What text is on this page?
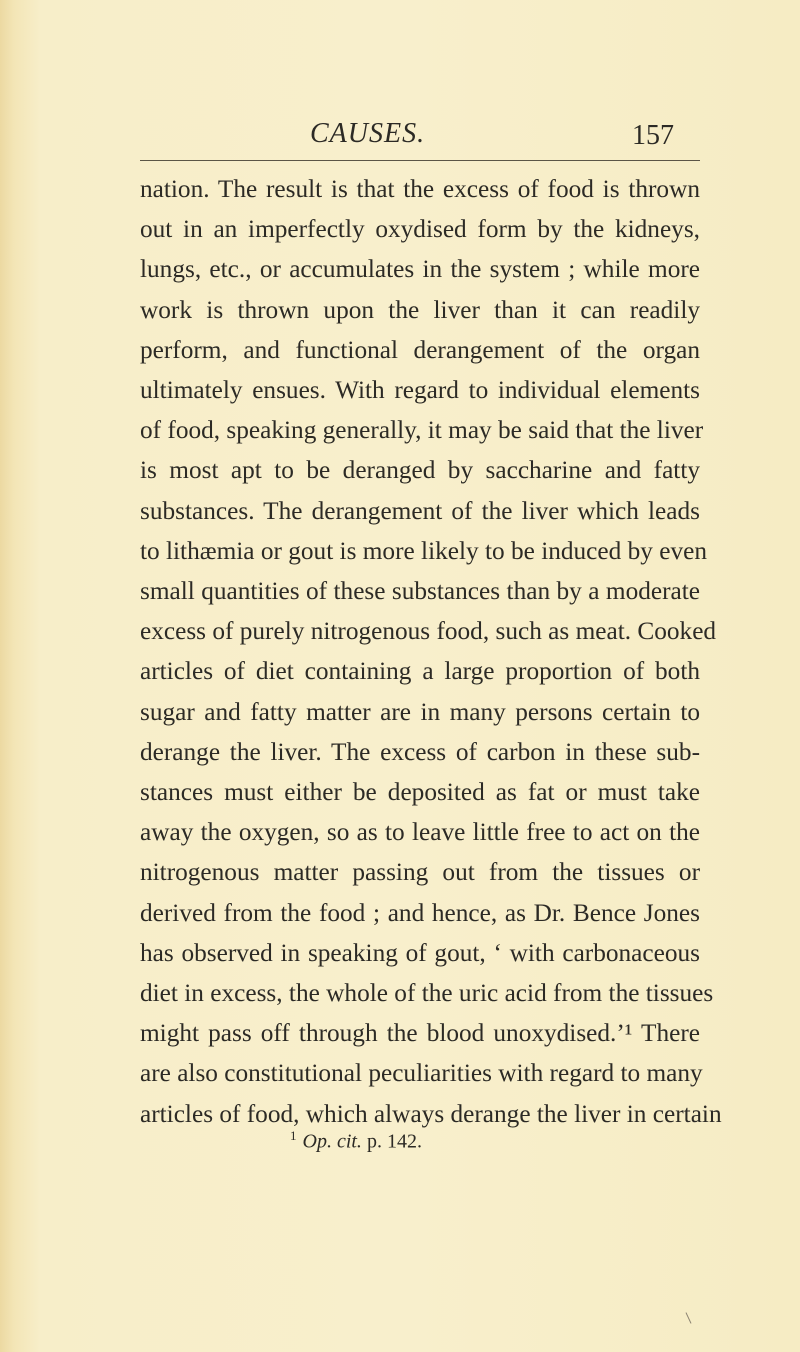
CAUSES.	157
nation. The result is that the excess of food is thrown
out in an imperfectly oxydised form by the kidneys,
lungs, etc., or accumulates in the system ; while more
work is thrown upon the liver than it can readily
perform, and functional derangement of the organ
ultimately ensues. With regard to individual elements
of food, speaking generally, it may be said that the liver
is most apt to be deranged by saccharine and fatty
substances. The derangement of the liver which leads
to lithæmia or gout is more likely to be induced by even
small quantities of these substances than by a moderate
excess of purely nitrogenous food, such as meat. Cooked
articles of diet containing a large proportion of both
sugar and fatty matter are in many persons certain to
derange the liver. The excess of carbon in these sub-
stances must either be deposited as fat or must take
away the oxygen, so as to leave little free to act on the
nitrogenous matter passing out from the tissues or
derived from the food ; and hence, as Dr. Bence Jones
has observed in speaking of gout, ‘ with carbonaceous
diet in excess, the whole of the uric acid from the tissues
might pass off through the blood unoxydised.’¹ There
are also constitutional peculiarities with regard to many
articles of food, which always derange the liver in certain
$^1$ Op. cit. p. 142.
